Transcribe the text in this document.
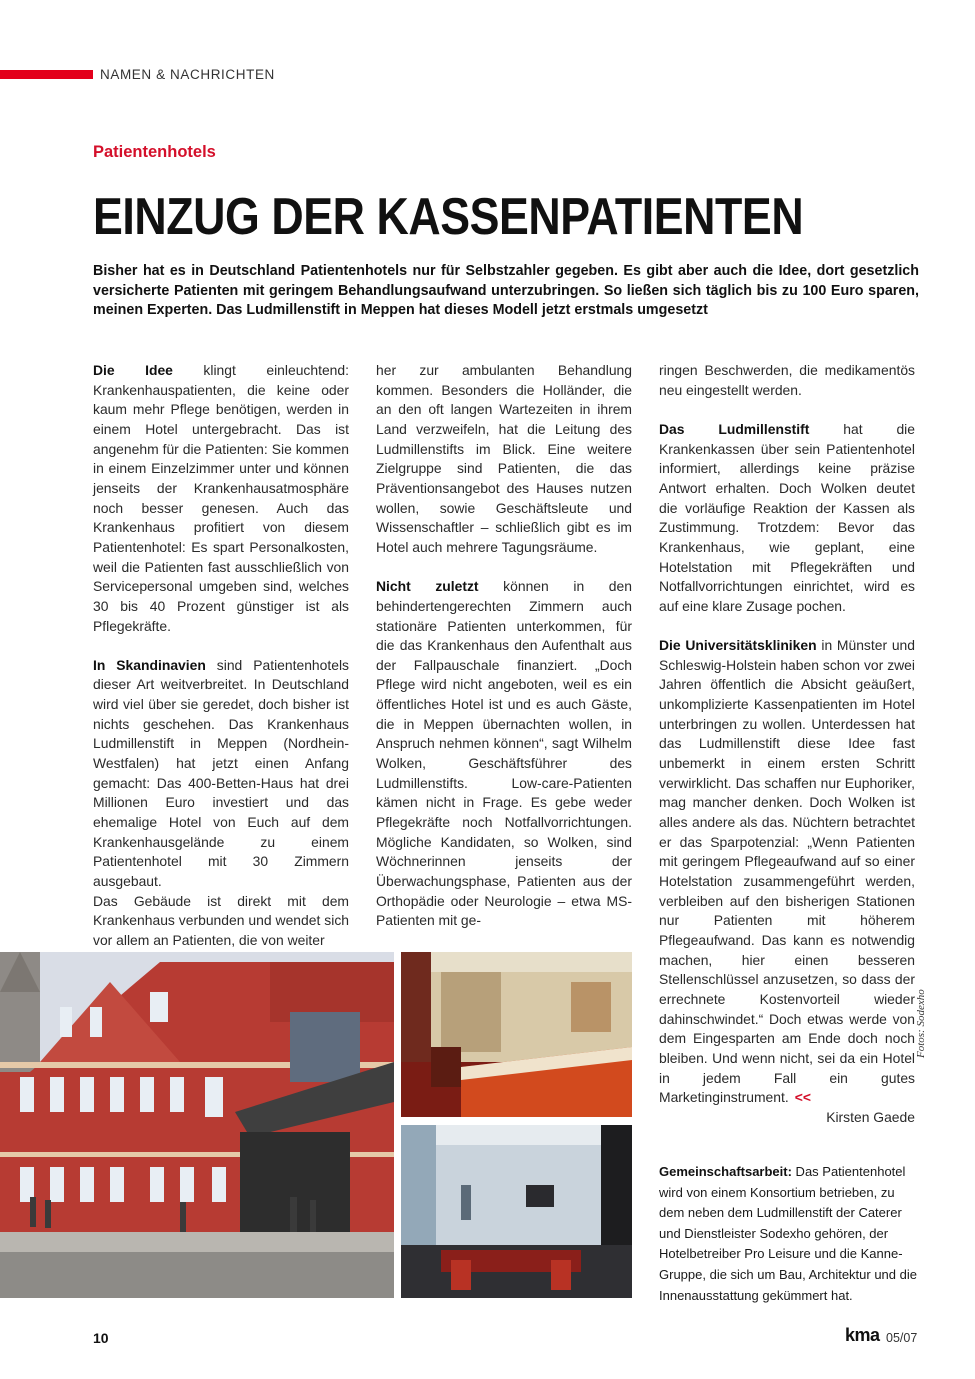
NAMEN & NACHRICHTEN
Patientenhotels
EINZUG DER KASSENPATIENTEN
Bisher hat es in Deutschland Patientenhotels nur für Selbstzahler gegeben. Es gibt aber auch die Idee, dort gesetzlich versicherte Patienten mit geringem Behandlungsaufwand unterzubringen. So ließen sich täglich bis zu 100 Euro sparen, meinen Experten. Das Ludmillenstift in Meppen hat dieses Modell jetzt erstmals umgesetzt

Die Idee klingt einleuchtend: Krankenhauspatienten, die keine oder kaum mehr Pflege benötigen, werden in einem Hotel untergebracht. Das ist angenehm für die Patienten: Sie kommen in einem Einzelzimmer unter und können jenseits der Krankenhausatmosphäre noch besser genesen. Auch das Krankenhaus profitiert von diesem Patientenhotel: Es spart Personalkosten, weil die Patienten fast ausschließlich von Servicepersonal umgeben sind, welches 30 bis 40 Prozent günstiger ist als Pflegekräfte.

In Skandinavien sind Patientenhotels dieser Art weitverbreitet. In Deutschland wird viel über sie geredet, doch bisher ist nichts geschehen. Das Krankenhaus Ludmillenstift in Meppen (Nordhein-Westfalen) hat jetzt einen Anfang gemacht: Das 400-Betten-Haus hat drei Millionen Euro investiert und das ehemalige Hotel von Euch auf dem Krankenhausgelände zu einem Patientenhotel mit 30 Zimmern ausgebaut.

Das Gebäude ist direkt mit dem Krankenhaus verbunden und wendet sich vor allem an Patienten, die von weiter

her zur ambulanten Behandlung kommen. Besonders die Holländer, die an den oft langen Wartezeiten in ihrem Land verzweifeln, hat die Leitung des Ludmillenstifts im Blick. Eine weitere Zielgruppe sind Patienten, die das Präventionsangebot des Hauses nutzen wollen, sowie Geschäftsleute und Wissenschaftler – schließlich gibt es im Hotel auch mehrere Tagungsräume.

Nicht zuletzt können in den behindertengerechten Zimmern auch stationäre Patienten unterkommen, für die das Krankenhaus den Aufenthalt aus der Fallpauschale finanziert. „Doch Pflege wird nicht angeboten, weil es ein öffentliches Hotel ist und es auch Gäste, die in Meppen übernachten wollen, in Anspruch nehmen können“, sagt Wilhelm Wolken, Geschäftsführer des Ludmillenstifts. Low-care-Patienten kämen nicht in Frage. Es gebe weder Pflegekräfte noch Notfallvorrichtungen. Mögliche Kandidaten, so Wolken, sind Wöchnerinnen jenseits der Überwachungsphase, Patienten aus der Orthopädie oder Neurologie – etwa MS-Patienten mit ge-

ringen Beschwerden, die medikamentös neu eingestellt werden.

Das Ludmillenstift hat die Krankenkassen über sein Patientenhotel informiert, allerdings keine präzise Antwort erhalten. Doch Wolken deutet die vorläufige Reaktion der Kassen als Zustimmung. Trotzdem: Bevor das Krankenhaus, wie geplant, eine Hotelstation mit Pflegekräften und Notfallvorrichtungen einrichtet, wird es auf eine klare Zusage pochen.

Die Universitätskliniken in Münster und Schleswig-Holstein haben schon vor zwei Jahren öffentlich die Absicht geäußert, unkomplizierte Kassenpatienten im Hotel unterbringen zu wollen. Unterdessen hat das Ludmillenstift diese Idee fast unbemerkt in einem ersten Schritt verwirklicht. Das schaffen nur Euphoriker, mag mancher denken. Doch Wolken ist alles andere als das. Nüchtern betrachtet er das Sparpotenzial: „Wenn Patienten mit geringem Pflegeaufwand auf so einer Hotelstation zusammengeführt werden, verbleiben auf den bisherigen Stationen nur Patienten mit höherem Pflegeaufwand. Das kann es notwendig machen, hier einen besseren Stellenschlüssel anzusetzen, so dass der errechnete Kostenvorteil wieder dahinschwindet.“ Doch etwas werde von dem Eingesparten am Ende doch noch bleiben. Und wenn nicht, sei da ein Hotel in jedem Fall ein gutes Marketinginstrument. <<

Kirsten Gaede

Fotos: Sodexho
Gemeinschaftsarbeit: Das Patientenhotel wird von einem Konsortium betrieben, zu dem neben dem Ludmillenstift der Caterer und Dienstleister Sodexho gehören, der Hotelbetreiber Pro Leisure und die Kanne-Gruppe, die sich um Bau, Architektur und die Innenausstattung gekümmert hat.
10	kma 05/07
